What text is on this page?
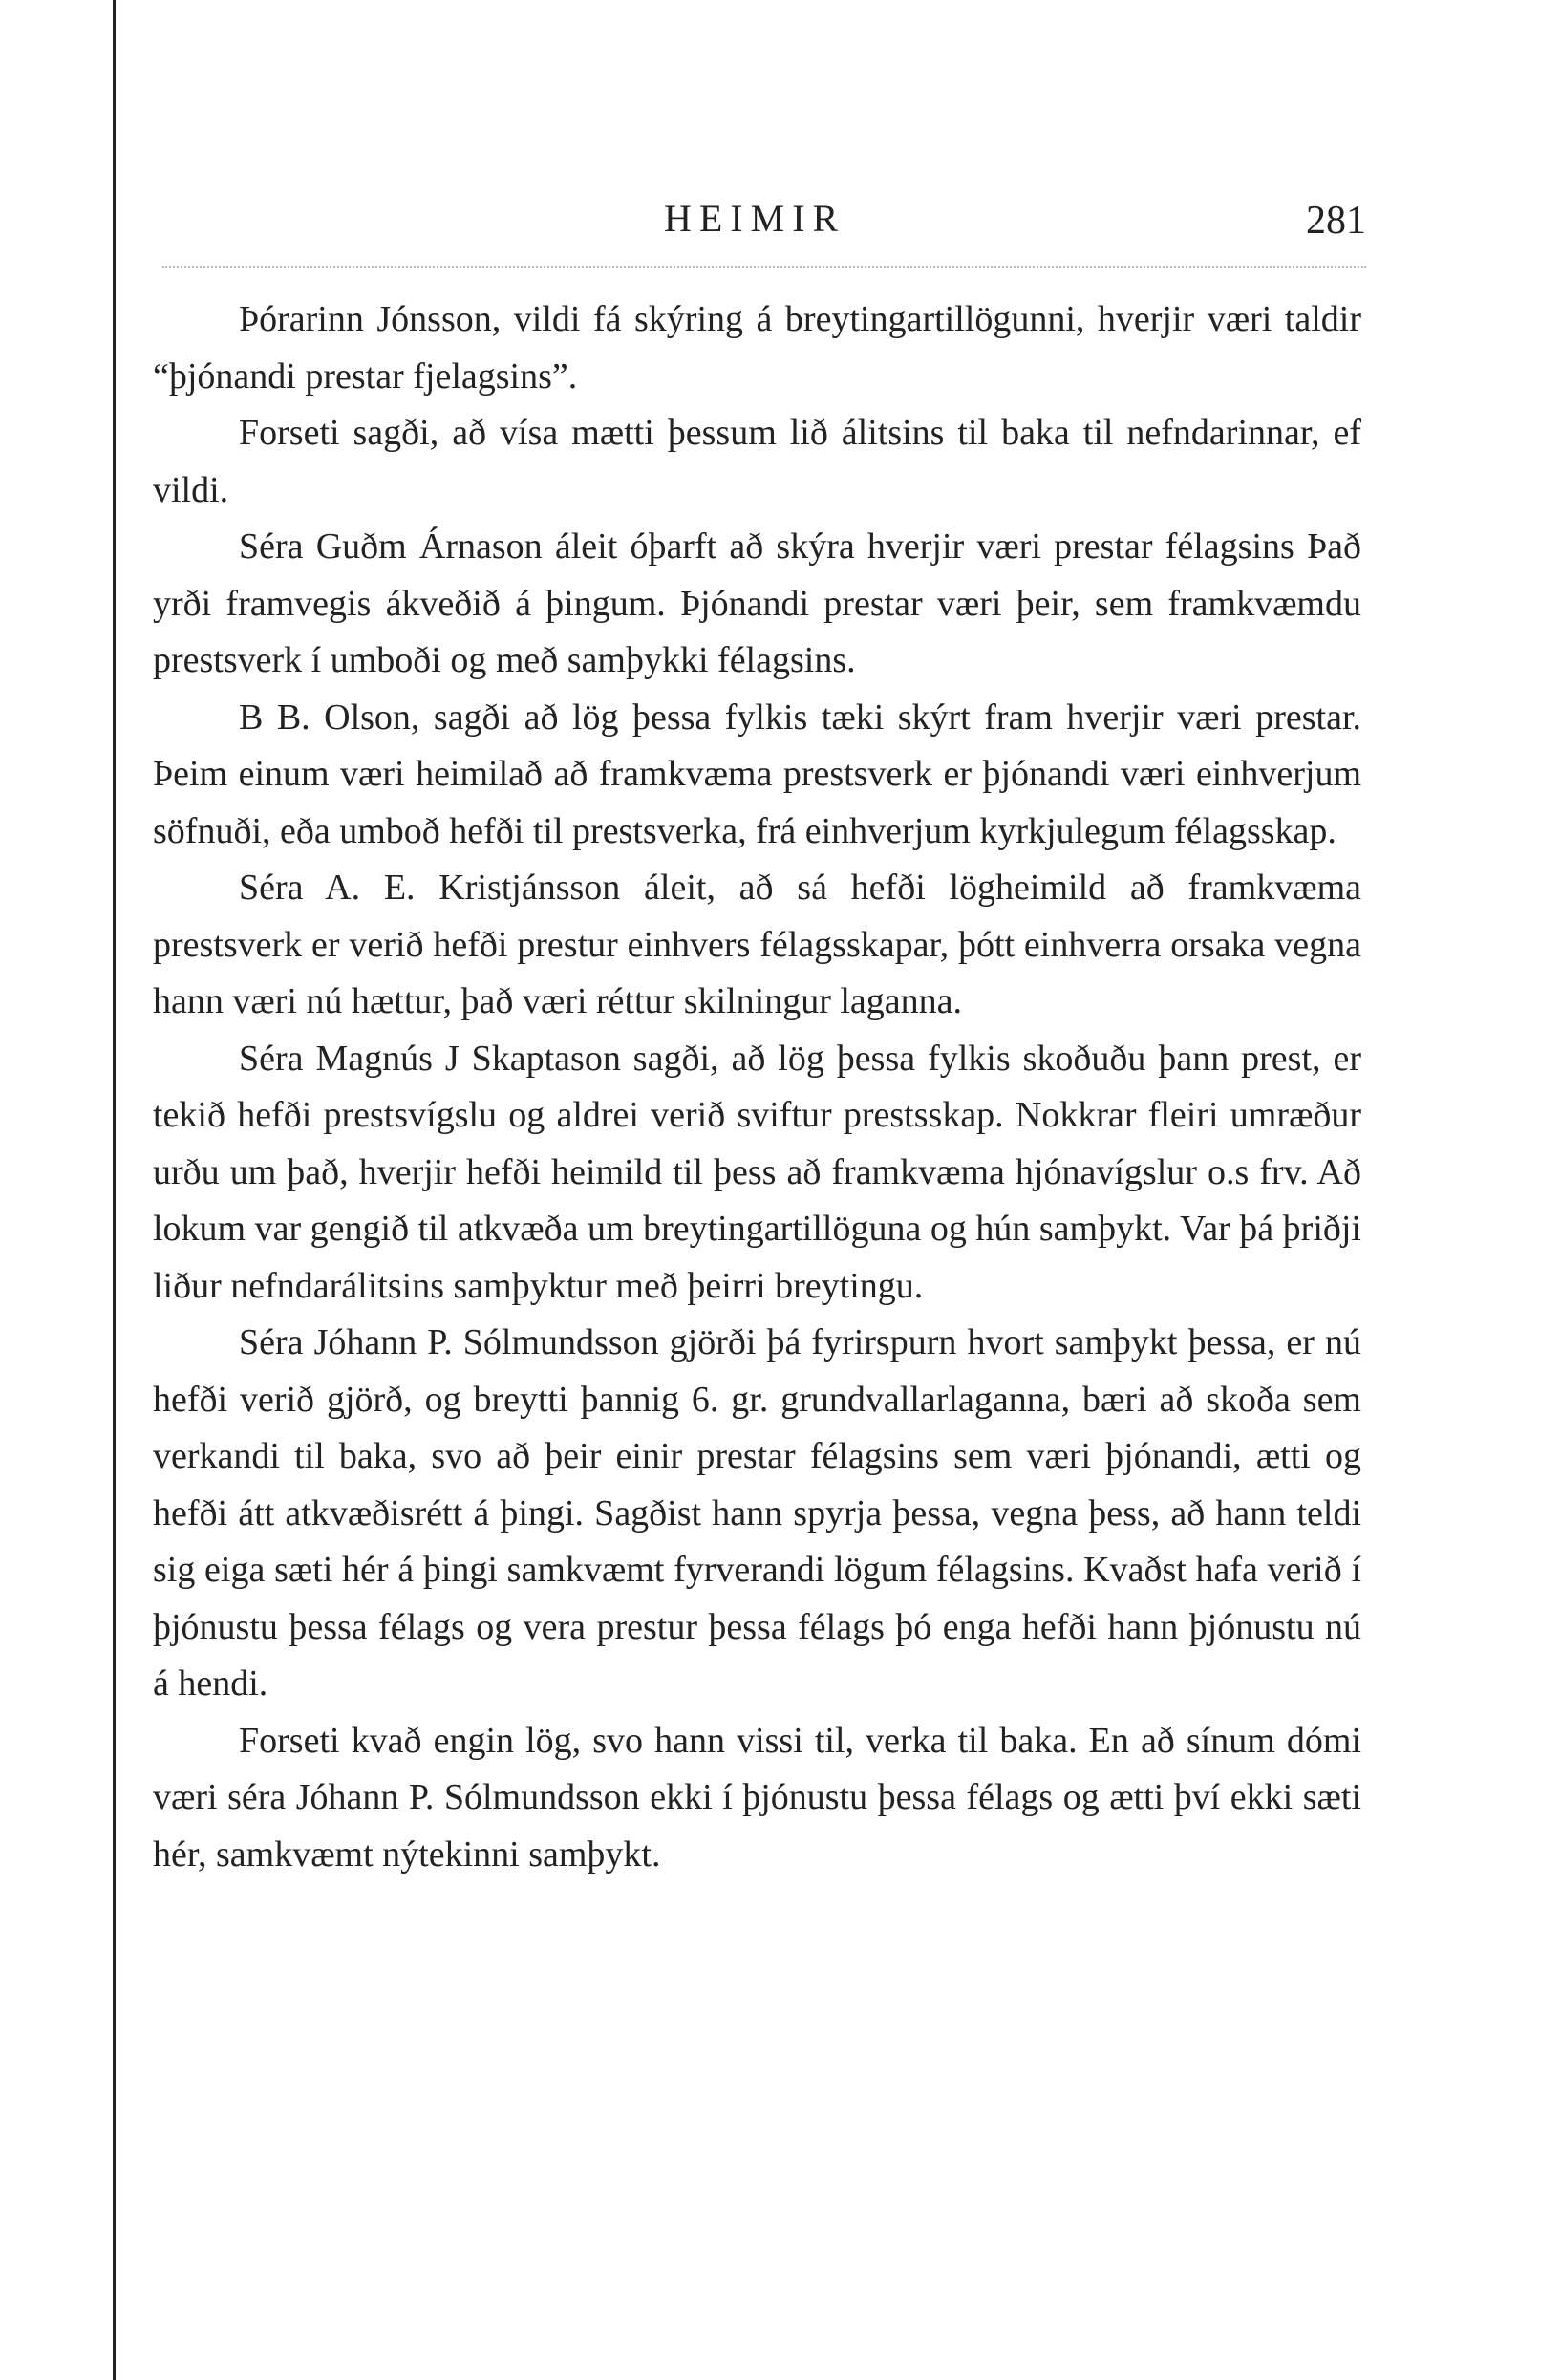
HEIMIR	281

Þórarinn Jónsson, vildi fá skýring á breytingartillögunni, hverjir væri taldir “þjónandi prestar fjelagsins”.

Forseti sagði, að vísa mætti þessum lið álitsins til baka til nefndarinnar, ef vildi.

Séra Guðm Árnason áleit óþarft að skýra hverjir væri prestar félagsins Það yrði framvegis ákveðið á þingum. Þjónandi prestar væri þeir, sem framkvæmdu prestsverk í umboði og með samþykki félagsins.

B B. Olson, sagði að lög þessa fylkis tæki skýrt fram hverjir væri prestar. Þeim einum væri heimilað að framkvæma prestsverk er þjónandi væri einhverjum söfnuði, eða umboð hefði til prestsverka, frá einhverjum kyrkjulegum félagsskap.

Séra A. E. Kristjánsson áleit, að sá hefði lögheimild að framkvæma prestsverk er verið hefði prestur einhvers félagsskapar, þótt einhverra orsaka vegna hann væri nú hættur, það væri réttur skilningur laganna.

Séra Magnús J Skaptason sagði, að lög þessa fylkis skoðuðu þann prest, er tekið hefði prestsvígslu og aldrei verið sviftur prestsskap. Nokkrar fleiri umræður urðu um það, hverjir hefði heimild til þess að framkvæma hjónavígslur o.s frv. Að lokum var gengið til atkvæða um breytingartillöguna og hún samþykt. Var þá þriðji liður nefndarálitsins samþyktur með þeirri breytingu.

Séra Jóhann P. Sólmundsson gjörði þá fyrirspurn hvort samþykt þessa, er nú hefði verið gjörð, og breytti þannig 6. gr. grundvallarlaganna, bæri að skoða sem verkandi til baka, svo að þeir einir prestar félagsins sem væri þjónandi, ætti og hefði átt atkvæðisrétt á þingi. Sagðist hann spyrja þessa, vegna þess, að hann teldi sig eiga sæti hér á þingi samkvæmt fyrverandi lögum félagsins. Kvaðst hafa verið í þjónustu þessa félags og vera prestur þessa félags þó enga hefði hann þjónustu nú á hendi.

Forseti kvað engin lög, svo hann vissi til, verka til baka. En að sínum dómi væri séra Jóhann P. Sólmundsson ekki í þjónustu þessa félags og ætti því ekki sæti hér, samkvæmt nýtekinni samþykt.
